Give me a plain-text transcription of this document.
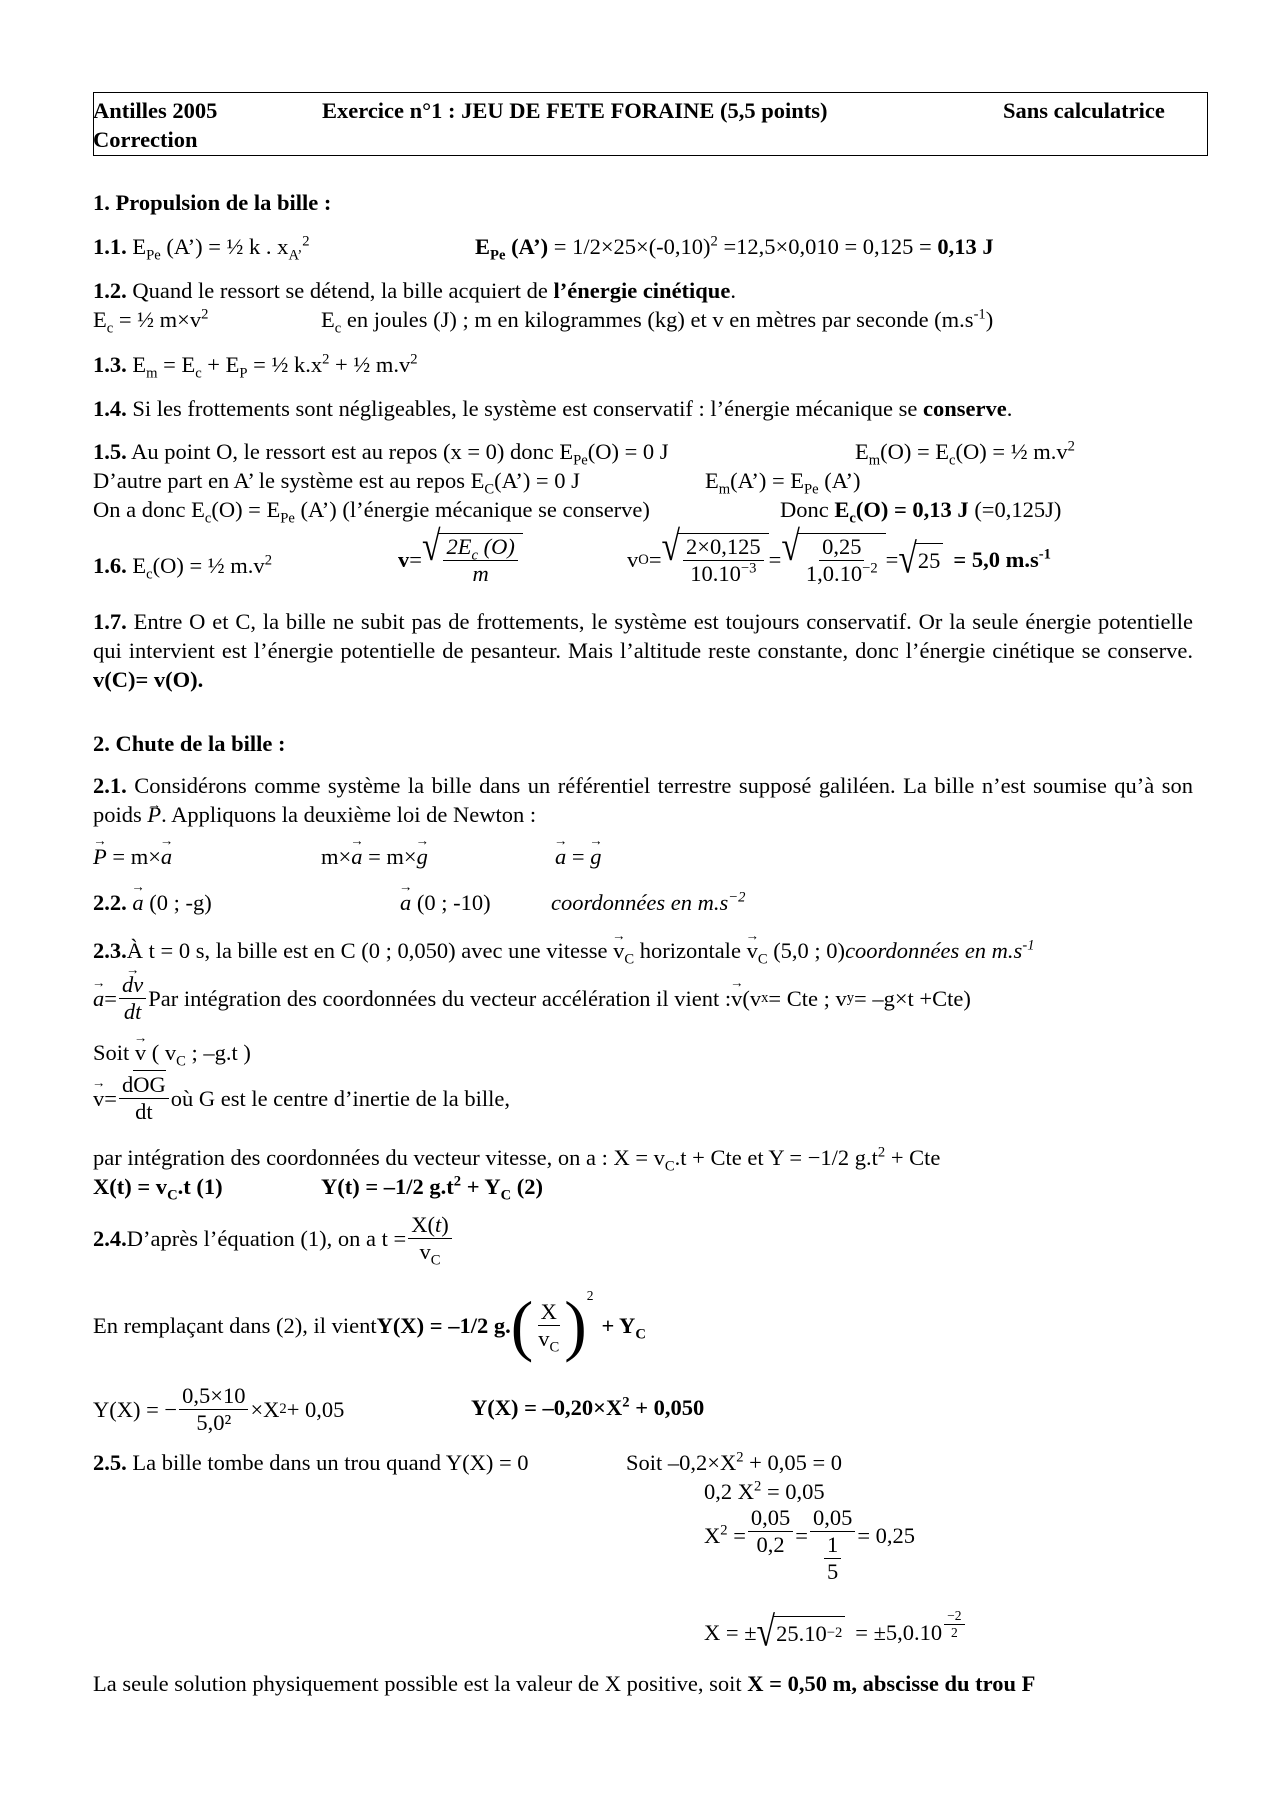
Antilles 2005
Correction
Exercice n°1 : JEU DE FETE FORAINE (5,5 points)	Sans calculatrice
1. Propulsion de la bille :
1.1. $E_{Pe}$ (A’) = ½ k . $x_{A’}^2$	$E_{Pe}$ (A’) = $1/2\times 25\times(-0,10)^2 =12,5\times 0,010 = 0,125 = 0,13$ J
1.2. Quand le ressort se détend, la bille acquiert de l’énergie cinétique.
$E_c$ = ½ $m\times v^2$	$E_c$ en joules (J) ; m en kilogrammes (kg) et v en mètres par seconde $(m.s^{-1})$
1.3. $E_m = E_c + E_P$ = ½ $k.x^2$ + ½ $m.v^2$
1.4. Si les frottements sont négligeables, le système est conservatif : l’énergie mécanique se conserve.
1.5. Au point O, le ressort est au repos (x = 0) donc $E_{Pe}(O) = 0$ J	$E_m(O) = E_c(O)$ = ½ $m.v^2$
D’autre part en A’ le système est au repos $E_C(A’) = 0$ J	$E_m(A’) = E_{Pe}$ (A’)
On a donc $E_c(O) = E_{Pe}$ (A’) (l’énergie mécanique se conserve)	Donc $E_c(O) = 0,13$ J (=0,125J)
1.6. $E_c(O)$ = ½ $m.v^2$	v = √ $\frac{2E_c (O)}{m}$	v O = √ $\frac{2\times 0,125}{10.10^{-3}}$ = √ $\frac{0,25}{1,0.10^{-2}}$ = √ 25 = 5,0 $m.s^{-1}$
1.7. Entre O et C, la bille ne subit pas de frottements, le système est toujours conservatif. Or la seule énergie potentielle qui intervient est l’énergie potentielle de pesanteur. Mais l’altitude reste constante, donc l’énergie cinétique se conserve. v(C)= v(O).
2. Chute de la bille :
2.1. Considérons comme système la bille dans un référentiel terrestre supposé galiléen. La bille n’est soumise qu’à son poids → P. Appliquons la deuxième loi de Newton :
→ P = m×→ a	m×→ a = m×→ g	→ a = → g
2.2. → a (0 ; -g)	→ a (0 ; -10)	coordonnées en $m.s^{-2}$
2.3.À t = 0 s, la bille est en C (0 ; 0,050) avec une vitesse → $v_C$ horizontale → $v_C$ (5,0 ; 0)coordonnées en $m.s^{-1}$
→ a = → $\frac{dv}{dt}$ Par intégration des coordonnées du vecteur accélération il vient : → v (v x = Cte ; v y = –g×t +Cte)
Soit → v ( $v_C$ ; –g.t )
→ $v = \frac{\text{dOG}}{dt}$ où G est le centre d’inertie de la bille,
par intégration des coordonnées du vecteur vitesse, on a : $X = v_C.t$ + Cte et Y = −1/2 $g.t^2$ + Cte
$X(t) = v_C.t$ (1)	Y(t) = –1/2 $g.t^2 + Y_C$ (2)
2.4. D’après l’équation (1), on a $t = \frac{X(t)}{v_C}$
En remplaçant dans (2), il vient Y(X) = –1/2 g. ( $\frac{X}{v_C}$ ) 2
+ $Y_C$
Y(X) = − $\frac{0,5\times 10}{\text{5,0²}} \times X$ 2 + 0,05	$Y(X) = -0,20\times X^2 + 0,050$
2.5. La bille tombe dans un trou quand Y(X) = 0	Soit $-0,2\times X^2 + 0,05 = 0$
0,2 $X^2 = 0,05$
$X^2 = \frac{0,05}{0,2} = \frac{0,05}{\frac{1}{5}} = 0,25$
X = ± √ $25.10 -2 = \pm 5,0.10 \frac{-2}{2}$
La seule solution physiquement possible est la valeur de X positive, soit X = 0,50 m, abscisse du trou F
